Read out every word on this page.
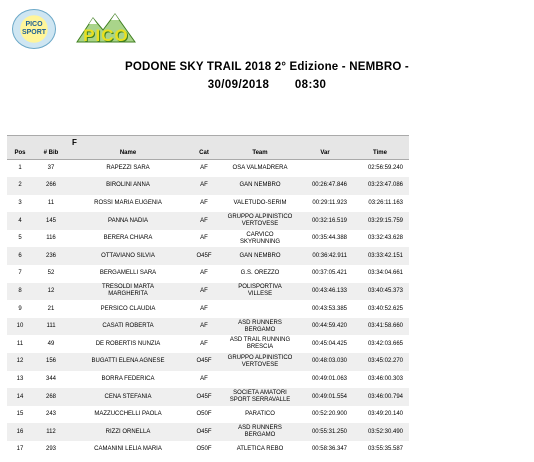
PICO
SPORT PICO
PODONE SKY TRAIL 2018 2° Edizione - NEMBRO -
30/09/2018 08:30
		F				
Pos	# Bib	Name	Cat	Team	Var	Time
1	37	RAPEZZI SARA	AF	OSA VALMADRERA		02:56:59.240
2	266	BIROLINI ANNA	AF	GAN NEMBRO	00:26:47.846	03:23:47.086
3	11	ROSSI MARIA EUGENIA	AF	VALETUDO-SERIM	00:29:11.923	03:26:11.163
4	145	PANNA NADIA	AF	GRUPPO ALPINISTICO
VERTOVESE	00:32:16.519	03:29:15.759
5	116	BERERA CHIARA	AF	CARVICO
SKYRUNNING	00:35:44.388	03:32:43.628
6	236	OTTAVIANO SILVIA	O45F	GAN NEMBRO	00:36:42.911	03:33:42.151
7	52	BERGAMELLI SARA	AF	G.S. OREZZO	00:37:05.421	03:34:04.661
8	12	TRESOLDI MARTA
MARGHERITA	AF	POLISPORTIVA
VILLESE	00:43:46.133	03:40:45.373
9	21	PERSICO CLAUDIA	AF		00:43:53.385	03:40:52.625
10	111	CASATI ROBERTA	AF	ASD RUNNERS
BERGAMO	00:44:59.420	03:41:58.660
11	49	DE ROBERTIS NUNZIA	AF	ASD TRAIL RUNNING
BRESCIA	00:45:04.425	03:42:03.665
12	156	BUGATTI ELENA AGNESE	O45F	GRUPPO ALPINISTICO
VERTOVESE	00:48:03.030	03:45:02.270
13	344	BORRA FEDERICA	AF		00:49:01.063	03:46:00.303
14	268	CENA STEFANIA	O45F	SOCIETA AMATORI
SPORT SERRAVALLE	00:49:01.554	03:46:00.794
15	243	MAZZUCCHELLI PAOLA	O50F	PARATICO	00:52:20.900	03:49:20.140
16	112	RIZZI ORNELLA	O45F	ASD RUNNERS
BERGAMO	00:55:31.250	03:52:30.490
17	293	CAMANINI LELIA MARIA	O50F	ATLETICA REBO	00:58:36.347	03:55:35.587
